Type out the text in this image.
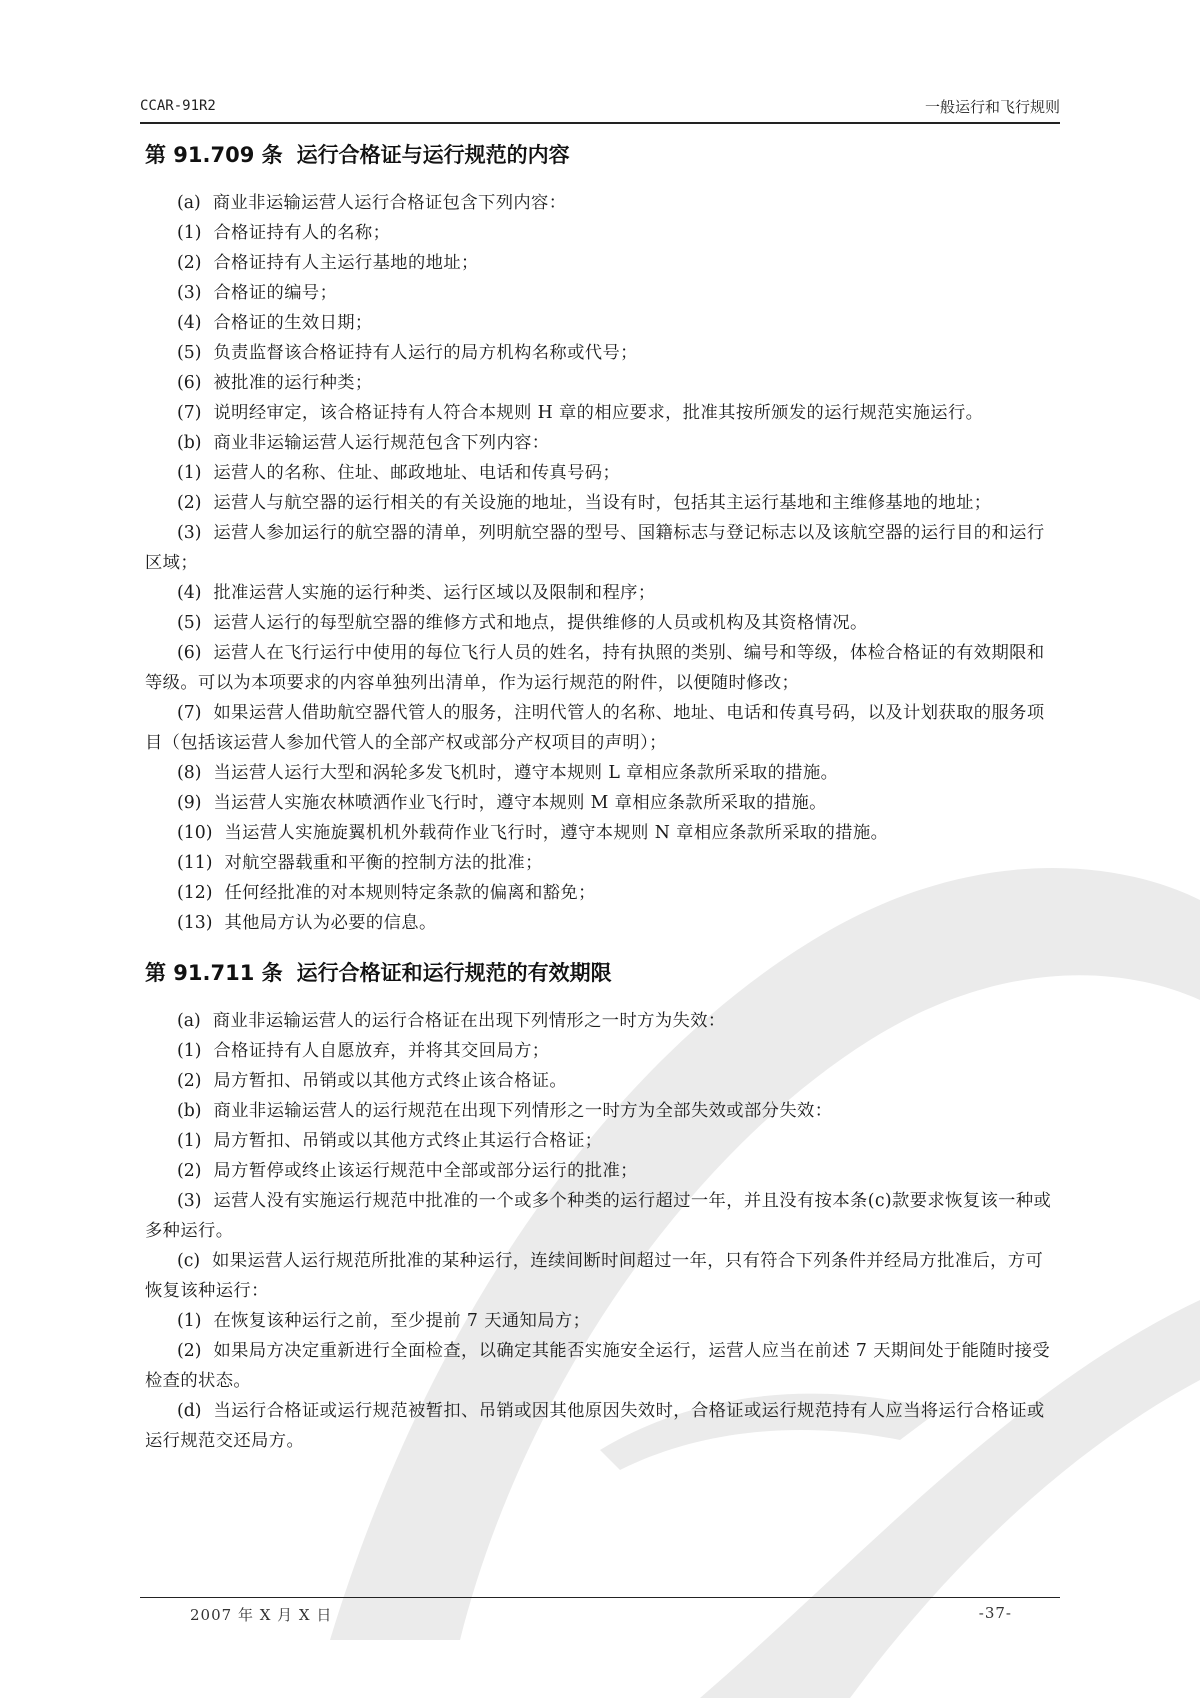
CCAR-91R2	一般运行和飞行规则
第 91.709 条 运行合格证与运行规范的内容
(a) 商业非运输运营人运行合格证包含下列内容：
(1) 合格证持有人的名称；
(2) 合格证持有人主运行基地的地址；
(3) 合格证的编号；
(4) 合格证的生效日期；
(5) 负责监督该合格证持有人运行的局方机构名称或代号；
(6) 被批准的运行种类；
(7) 说明经审定，该合格证持有人符合本规则 H 章的相应要求，批准其按所颁发的运行规范实施运行。
(b) 商业非运输运营人运行规范包含下列内容：
(1) 运营人的名称、住址、邮政地址、电话和传真号码；
(2) 运营人与航空器的运行相关的有关设施的地址，当设有时，包括其主运行基地和主维修基地的地址；
(3) 运营人参加运行的航空器的清单，列明航空器的型号、国籍标志与登记标志以及该航空器的运行目的和运行区域；
(4) 批准运营人实施的运行种类、运行区域以及限制和程序；
(5) 运营人运行的每型航空器的维修方式和地点，提供维修的人员或机构及其资格情况。
(6) 运营人在飞行运行中使用的每位飞行人员的姓名，持有执照的类别、编号和等级，体检合格证的有效期限和等级。可以为本项要求的内容单独列出清单，作为运行规范的附件，以便随时修改；
(7) 如果运营人借助航空器代管人的服务，注明代管人的名称、地址、电话和传真号码，以及计划获取的服务项目（包括该运营人参加代管人的全部产权或部分产权项目的声明）；
(8) 当运营人运行大型和涡轮多发飞机时，遵守本规则 L 章相应条款所采取的措施。
(9) 当运营人实施农林喷洒作业飞行时，遵守本规则 M 章相应条款所采取的措施。
(10) 当运营人实施旋翼机机外载荷作业飞行时，遵守本规则 N 章相应条款所采取的措施。
(11) 对航空器载重和平衡的控制方法的批准；
(12) 任何经批准的对本规则特定条款的偏离和豁免；
(13) 其他局方认为必要的信息。
第 91.711 条 运行合格证和运行规范的有效期限
(a) 商业非运输运营人的运行合格证在出现下列情形之一时方为失效：
(1) 合格证持有人自愿放弃，并将其交回局方；
(2) 局方暂扣、吊销或以其他方式终止该合格证。
(b) 商业非运输运营人的运行规范在出现下列情形之一时方为全部失效或部分失效：
(1) 局方暂扣、吊销或以其他方式终止其运行合格证；
(2) 局方暂停或终止该运行规范中全部或部分运行的批准；
(3) 运营人没有实施运行规范中批准的一个或多个种类的运行超过一年，并且没有按本条(c)款要求恢复该一种或多种运行。
(c) 如果运营人运行规范所批准的某种运行，连续间断时间超过一年，只有符合下列条件并经局方批准后，方可恢复该种运行：
(1) 在恢复该种运行之前，至少提前 7 天通知局方；
(2) 如果局方决定重新进行全面检查，以确定其能否实施安全运行，运营人应当在前述 7 天期间处于能随时接受检查的状态。
(d) 当运行合格证或运行规范被暂扣、吊销或因其他原因失效时，合格证或运行规范持有人应当将运行合格证或运行规范交还局方。
2007 年 X 月 X 日	-37-
